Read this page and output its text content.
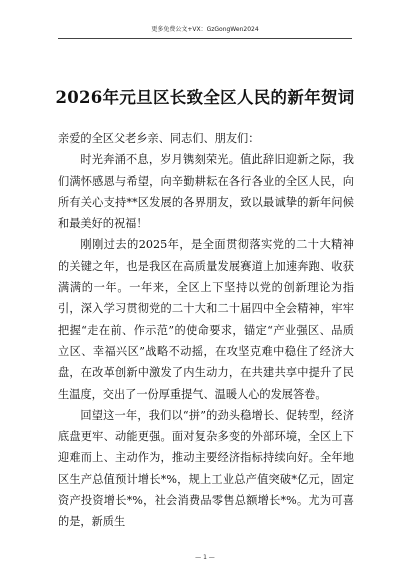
更多免费公文+VX：GzGongWen2024
2026年元旦区长致全区人民的新年贺词

亲爱的全区父老乡亲、同志们、朋友们：

时光奔涌不息，岁月镌刻荣光。值此辞旧迎新之际，我们满怀感恩与希望，向辛勤耕耘在各行各业的全区人民，向所有关心支持**区发展的各界朋友，致以最诚挚的新年问候和最美好的祝福！

刚刚过去的2025年，是全面贯彻落实党的二十大精神的关键之年，也是我区在高质量发展赛道上加速奔跑、收获满满的一年。一年来，全区上下坚持以党的创新理论为指引，深入学习贯彻党的二十大和二十届四中全会精神，牢牢把握“走在前、作示范”的使命要求，锚定“产业强区、品质立区、幸福兴区”战略不动摇，在攻坚克难中稳住了经济大盘，在改革创新中激发了内生动力，在共建共享中提升了民生温度，交出了一份厚重提气、温暖人心的发展答卷。

回望这一年，我们以“拼”的劲头稳增长、促转型，经济底盘更牢、动能更强。面对复杂多变的外部环境，全区上下迎难而上、主动作为，推动主要经济指标持续向好。全年地区生产总值预计增长*%，规上工业总产值突破*亿元，固定资产投资增长*%，社会消费品零售总额增长*%。尤为可喜的是，新质生

— 1 —
